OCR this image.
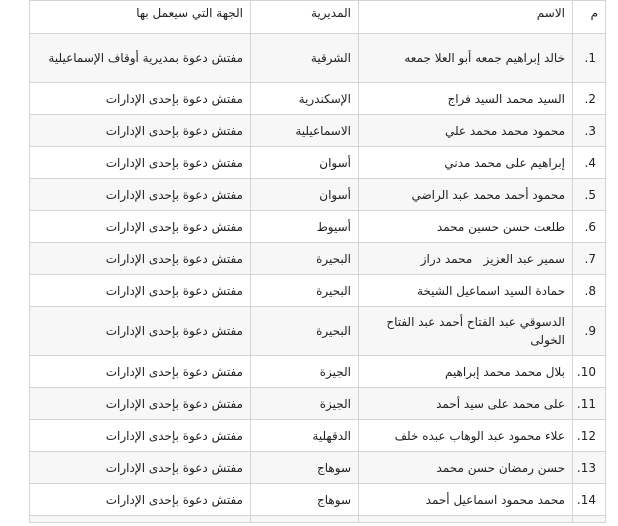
م	الاسم	المديرية	الجهة التي سيعمل بها
1.	خالد إبراهيم جمعه أبو العلا جمعه	الشرقية	مفتش دعوة بمديرية أوقاف الإسماعيلية
2.	السيد محمد السيد فراج	الإسكندرية	مفتش دعوة بإحدى الإدارات
3.	محمود محمد محمد علي	الاسماعيلية	مفتش دعوة بإحدى الإدارات
4.	إبراهيم على محمد مدني	أسوان	مفتش دعوة بإحدى الإدارات
5.	محمود أحمد محمد عبد الراضي	أسوان	مفتش دعوة بإحدى الإدارات
6.	طلعت حسن حسين محمد	أسيوط	مفتش دعوة بإحدى الإدارات
7.	سمير عبد العزيز   محمد دراز	البحيرة	مفتش دعوة بإحدى الإدارات
8.	حمادة السيد اسماعيل الشيخة	البحيرة	مفتش دعوة بإحدى الإدارات
9.	الدسوقي عبد الفتاح أحمد عبد الفتاح الخولى	البحيرة	مفتش دعوة بإحدى الإدارات
10.	بلال محمد محمد إبراهيم	الجيزة	مفتش دعوة بإحدى الإدارات
11.	على محمد على سيد أحمد	الجيزة	مفتش دعوة بإحدى الإدارات
12.	علاء محمود عبد الوهاب عبده خلف	الدقهلية	مفتش دعوة بإحدى الإدارات
13.	حسن رمضان حسن محمد	سوهاج	مفتش دعوة بإحدى الإدارات
14.	محمد محمود اسماعيل أحمد	سوهاج	مفتش دعوة بإحدى الإدارات
